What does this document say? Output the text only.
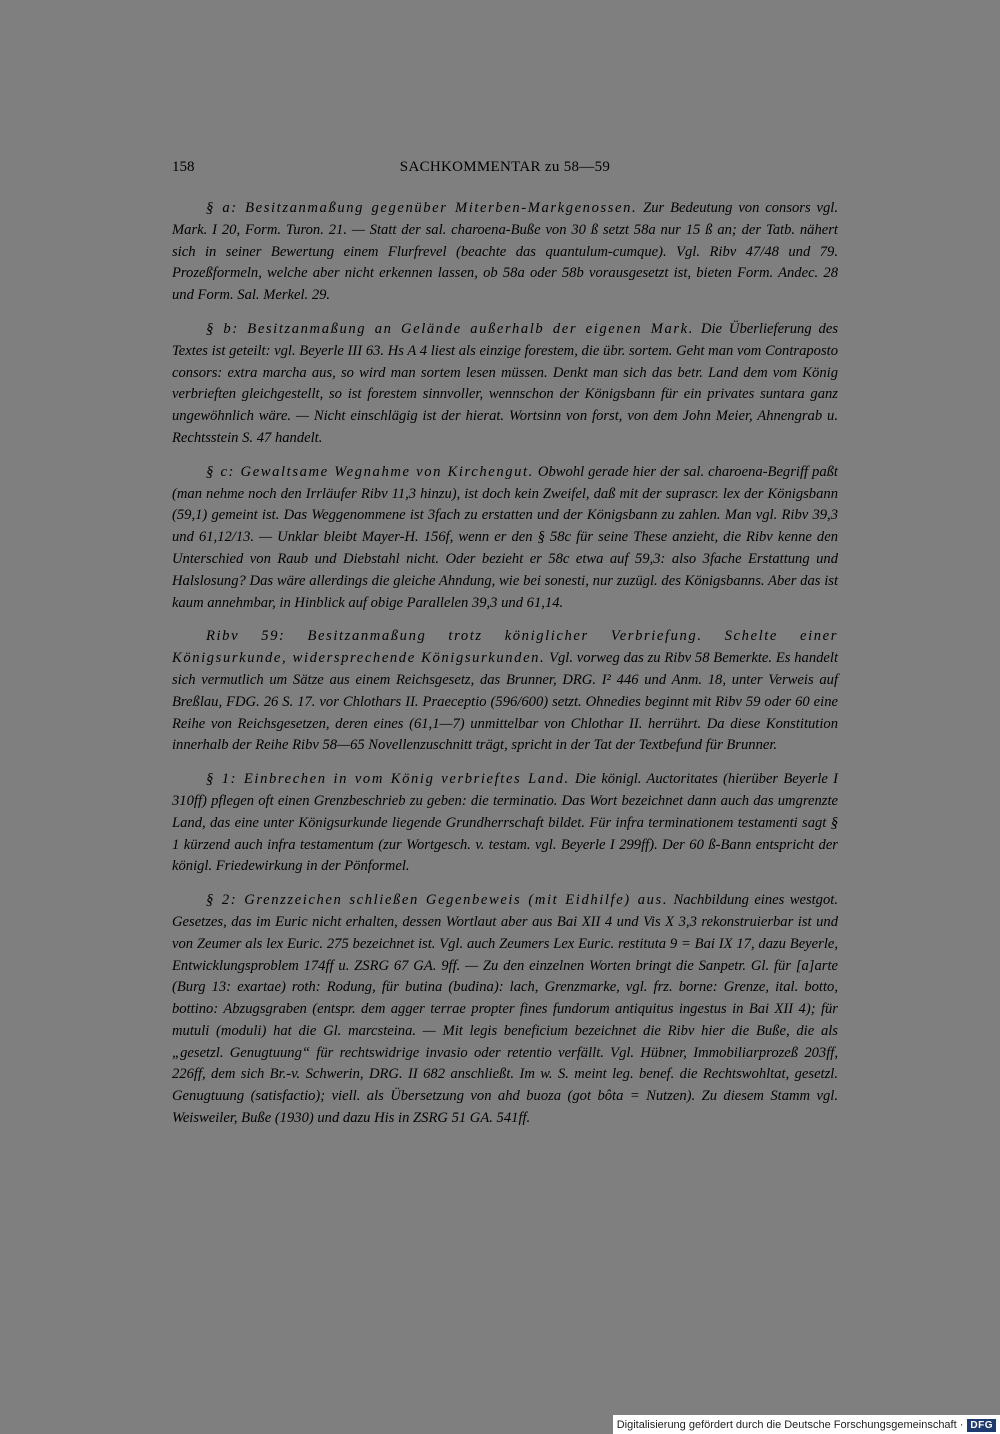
158	SACHKOMMENTAR zu 58—59

§ a: Besitzanmaßung gegenüber Miterben-Markgenossen. Zur Bedeutung von consors vgl. Mark. I 20, Form. Turon. 21. — Statt der sal. charoena-Buße von 30 ß setzt 58a nur 15 ß an; der Tatb. nähert sich in seiner Bewertung einem Flurfrevel (beachte das quantulum-cumque). Vgl. Ribv 47/48 und 79. Prozeßformeln, welche aber nicht erkennen lassen, ob 58a oder 58b vorausgesetzt ist, bieten Form. Andec. 28 und Form. Sal. Merkel. 29.

§ b: Besitzanmaßung an Gelände außerhalb der eigenen Mark. Die Überlieferung des Textes ist geteilt: vgl. Beyerle III 63. Hs A 4 liest als einzige forestem, die übr. sortem. Geht man vom Contraposto consors: extra marcha aus, so wird man sortem lesen müssen. Denkt man sich das betr. Land dem vom König verbrieften gleichgestellt, so ist forestem sinnvoller, wennschon der Königsbann für ein privates suntara ganz ungewöhnlich wäre. — Nicht einschlägig ist der hierat. Wortsinn von forst, von dem John Meier, Ahnengrab u. Rechtsstein S. 47 handelt.

§ c: Gewaltsame Wegnahme von Kirchengut. Obwohl gerade hier der sal. charoena-Begriff paßt (man nehme noch den Irrläufer Ribv 11,3 hinzu), ist doch kein Zweifel, daß mit der suprascr. lex der Königsbann (59,1) gemeint ist. Das Weggenommene ist 3fach zu erstatten und der Königsbann zu zahlen. Man vgl. Ribv 39,3 und 61,12/13. — Unklar bleibt Mayer-H. 156f, wenn er den § 58c für seine These anzieht, die Ribv kenne den Unterschied von Raub und Diebstahl nicht. Oder bezieht er 58c etwa auf 59,3: also 3fache Erstattung und Halslosung? Das wäre allerdings die gleiche Ahndung, wie bei sonesti, nur zuzügl. des Königsbanns. Aber das ist kaum annehmbar, in Hinblick auf obige Parallelen 39,3 und 61,14.

Ribv 59: Besitzanmaßung trotz königlicher Verbriefung. Schelte einer Königsurkunde, widersprechende Königsurkunden. Vgl. vorweg das zu Ribv 58 Bemerkte. Es handelt sich vermutlich um Sätze aus einem Reichsgesetz, das Brunner, DRG. I² 446 und Anm. 18, unter Verweis auf Breßlau, FDG. 26 S. 17. vor Chlothars II. Praeceptio (596/600) setzt. Ohnedies beginnt mit Ribv 59 oder 60 eine Reihe von Reichsgesetzen, deren eines (61,1—7) unmittelbar von Chlothar II. herrührt. Da diese Konstitution innerhalb der Reihe Ribv 58—65 Novellenzuschnitt trägt, spricht in der Tat der Textbefund für Brunner.

§ 1: Einbrechen in vom König verbrieftes Land. Die königl. Auctoritates (hierüber Beyerle I 310ff) pflegen oft einen Grenzbeschrieb zu geben: die terminatio. Das Wort bezeichnet dann auch das umgrenzte Land, das eine unter Königsurkunde liegende Grundherrschaft bildet. Für infra terminationem testamenti sagt § 1 kürzend auch infra testamentum (zur Wortgesch. v. testam. vgl. Beyerle I 299ff). Der 60 ß-Bann entspricht der königl. Friedewirkung in der Pönformel.

§ 2: Grenzzeichen schließen Gegenbeweis (mit Eidhilfe) aus. Nachbildung eines westgot. Gesetzes, das im Euric nicht erhalten, dessen Wortlaut aber aus Bai XII 4 und Vis X 3,3 rekonstruierbar ist und von Zeumer als lex Euric. 275 bezeichnet ist. Vgl. auch Zeumers Lex Euric. restituta 9 = Bai IX 17, dazu Beyerle, Entwicklungsproblem 174ff u. ZSRG 67 GA. 9ff. — Zu den einzelnen Worten bringt die Sanpetr. Gl. für [a]arte (Burg 13: exartae) roth: Rodung, für butina (budina): lach, Grenzmarke, vgl. frz. borne: Grenze, ital. botto, bottino: Abzugsgraben (entspr. dem agger terrae propter fines fundorum antiquitus ingestus in Bai XII 4); für mutuli (moduli) hat die Gl. marcsteina. — Mit legis beneficium bezeichnet die Ribv hier die Buße, die als „gesetzl. Genugtuung“ für rechtswidrige invasio oder retentio verfällt. Vgl. Hübner, Immobiliarprozeß 203ff, 226ff, dem sich Br.-v. Schwerin, DRG. II 682 anschließt. Im w. S. meint leg. benef. die Rechtswohltat, gesetzl. Genugtuung (satisfactio); viell. als Übersetzung von ahd buoza (got bôta = Nutzen). Zu diesem Stamm vgl. Weisweiler, Buße (1930) und dazu His in ZSRG 51 GA. 541ff.

Digitalisierung gefördert durch die Deutsche Forschungsgemeinschaft · DFG
